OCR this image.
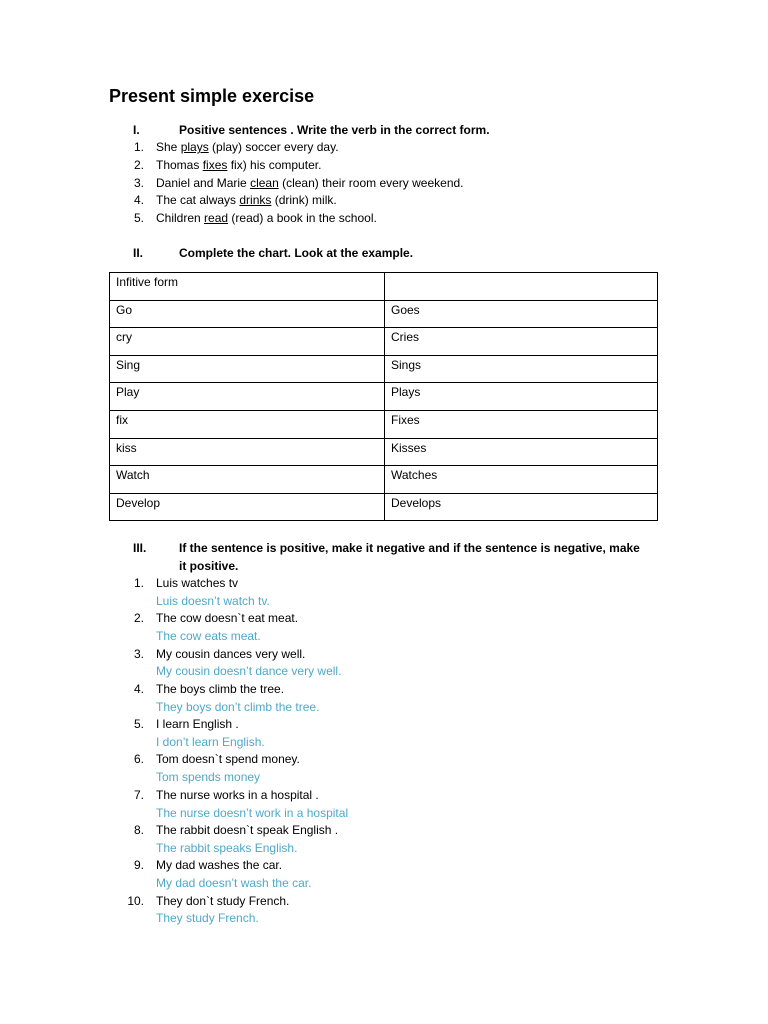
Present simple exercise
I.	Positive sentences . Write the verb in the correct form.
1. She plays (play) soccer every day.
2. Thomas fixes fix) his computer.
3. Daniel and Marie clean (clean) their room every weekend.
4. The cat always drinks (drink) milk.
5. Children read (read) a book in the school.
II.	Complete the chart. Look at the example.
Infitive form	
Go	Goes
cry	Cries
Sing	Sings
Play	Plays
fix	Fixes
kiss	Kisses
Watch	Watches
Develop	Develops
III.	If the sentence is positive, make it negative and if the sentence is negative, make
it positive.
1. Luis watches tv
Luis doesn’t watch tv.
2. The cow doesn`t eat meat.
The cow eats meat.
3. My cousin dances very well.
My cousin doesn’t dance very well.
4. The boys climb the tree.
They boys don’t climb the tree.
5. I learn English .
I don’t learn English.
6. Tom doesn`t spend money.
Tom spends money
7. The nurse works in a hospital .
The nurse doesn’t work in a hospital
8. The rabbit doesn`t speak English .
The rabbit speaks English.
9. My dad washes the car.
My dad doesn’t wash the car.
10. They don`t study French.
They study French.
